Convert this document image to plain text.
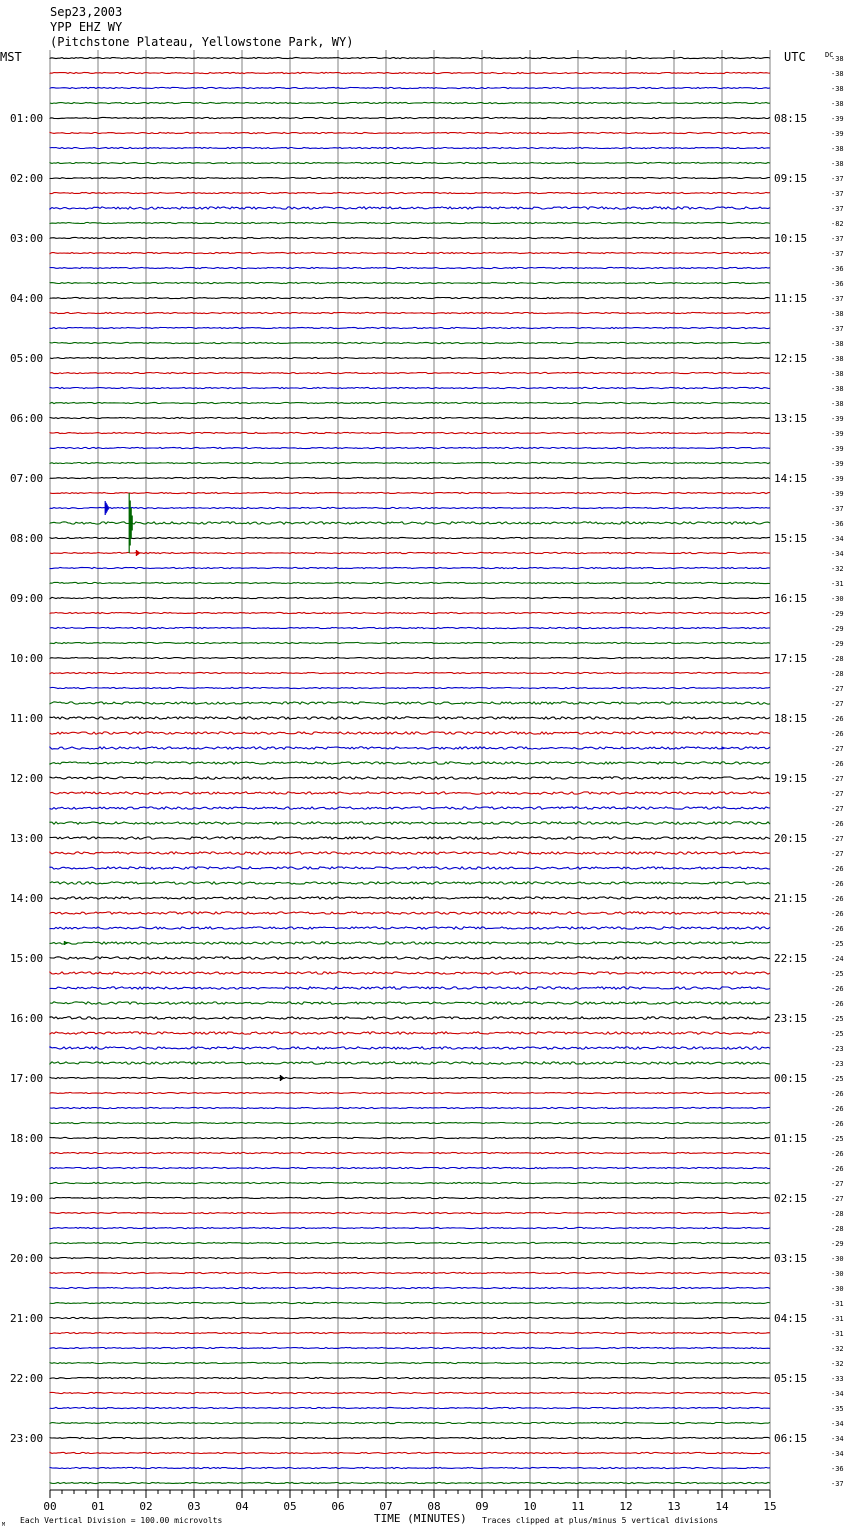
Sep23,2003
YPP EHZ WY
(Pitchstone Plateau, Yellowstone Park, WY)
MST	UTC	DC
01:00
02:00
03:00
04:00
05:00
06:00
07:00
08:00
09:00
10:00
11:00
12:00
13:00
14:00
15:00
16:00
17:00
18:00
19:00
20:00
21:00
22:00
23:00
08:15
09:15
10:15
11:15
12:15
13:15
14:15
15:15
16:15
17:15
18:15
19:15
20:15
21:15
22:15
23:15
00:15
01:15
02:15
03:15
04:15
05:15
06:15
-38
-38
-38
-38
-39
-39
-38
-38
-37
-37
-37
-82
-37
-37
-36
-36
-37
-38
-37
-38
-38
-38
-38
-38
-39
-39
-39
-39
-39
-39
-37
-36
-34
-34
-32
-31
-30
-29
-29
-29
-28
-28
-27
-27
-26
-26
-27
-26
-27
-27
-27
-26
-27
-27
-26
-26
-26
-26
-26
-25
-24
-25
-26
-26
-25
-25
-23
-23
-25
-26
-26
-26
-25
-26
-26
-27
-27
-28
-28
-29
-30
-30
-30
-31
-31
-31
-32
-32
-33
-34
-35
-34
-34
-34
-36
-37
00	01	02	03	04	05	06	07	08	09	10	11	12	13	14	15
TIME (MINUTES)
Each Vertical Division = 100.00 microvolts	Traces clipped at plus/minus 5 vertical divisions
M
